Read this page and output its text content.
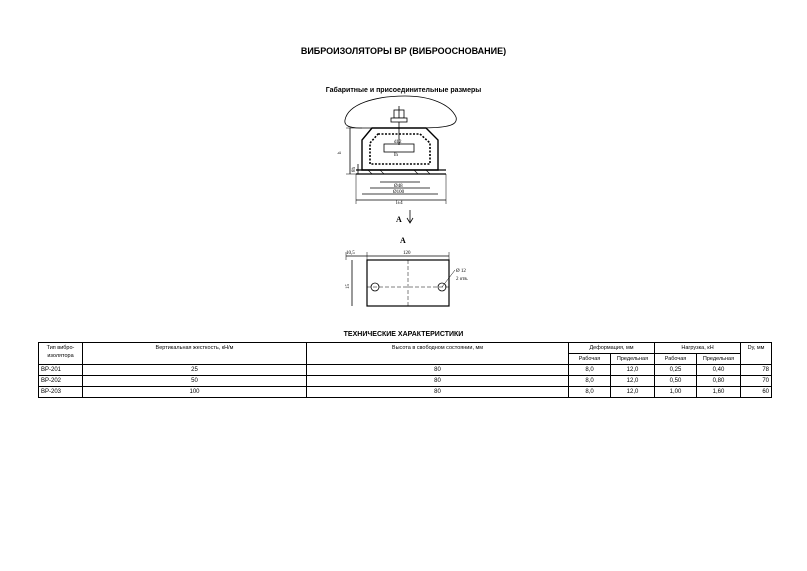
ВИБРОИЗОЛЯТОРЫ ВР (ВИБРООСНОВАНИЕ)
Габаритные и присоединительные размеры
h
8h
d12
lh
Ø48
Ø100
l±4
10,5	120
15
Ø 12
2 отв.
А
А
ТЕХНИЧЕСКИЕ ХАРАКТЕРИСТИКИ
Тип вибро-изолятора	Вертикальная жесткость, кН/м	Высота в свободном состоянии, мм	Деформация, мм		Нагрузка, кН		Dу, мм
			Рабочая	Предельная	Рабочая	Предельная	
ВР-201	25	80	8,0	12,0	0,25	0,40	78
ВР-202	50	80	8,0	12,0	0,50	0,80	70
ВР-203	100	80	8,0	12,0	1,00	1,60	60
